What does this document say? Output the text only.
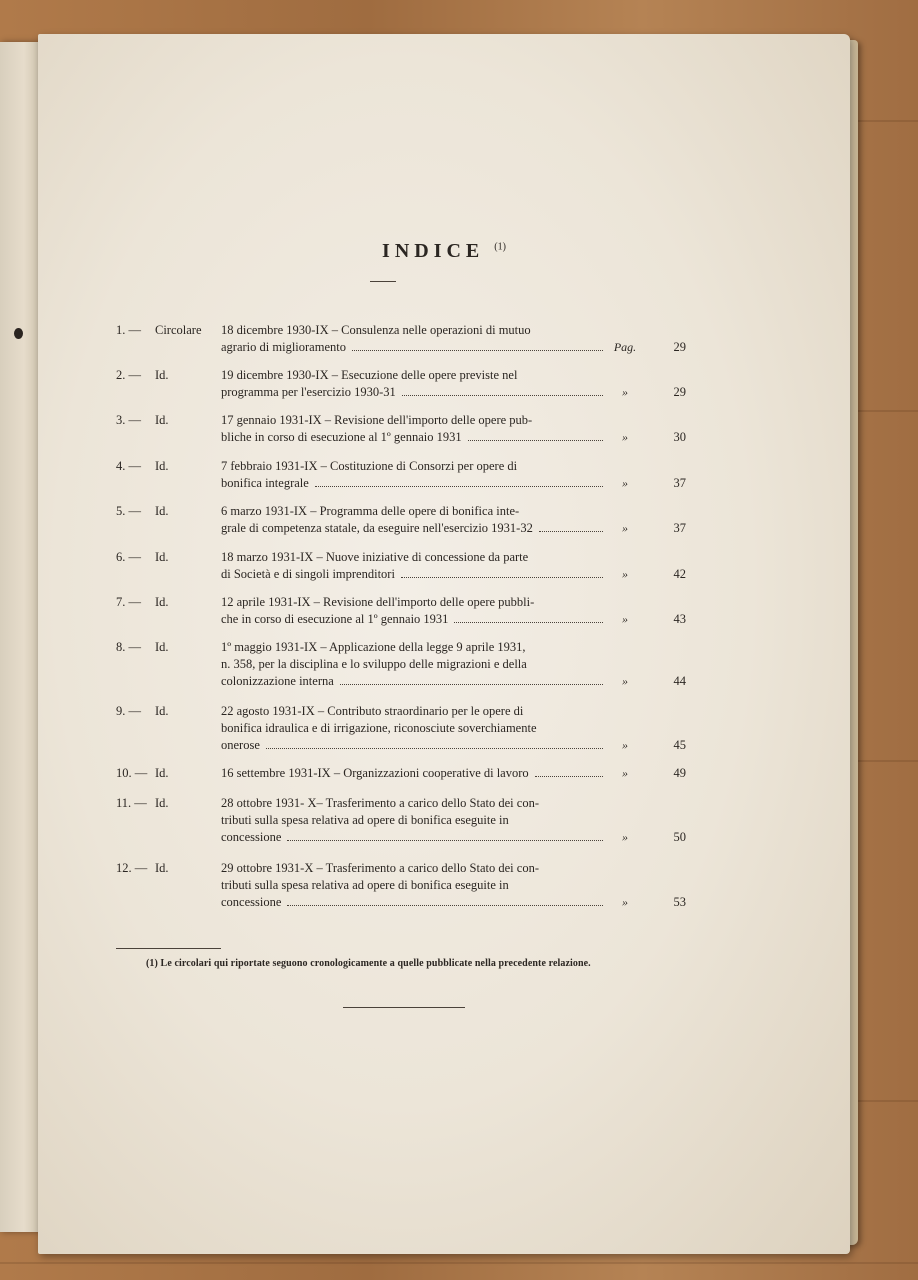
INDICE $^{(1)}$
1. —	Circolare	18 dicembre 1930-IX – Consulenza nelle operazioni di mutuo
agrario di miglioramento	Pag.	29
2. —	Id.	19 dicembre 1930-IX – Esecuzione delle opere previste nel
programma per l'esercizio 1930-31	»	29
3. —	Id.	17 gennaio 1931-IX – Revisione dell'importo delle opere pub-
bliche in corso di esecuzione al 1º gennaio 1931	»	30
4. —	Id.	7 febbraio 1931-IX – Costituzione di Consorzi per opere di
bonifica integrale	»	37
5. —	Id.	6 marzo 1931-IX – Programma delle opere di bonifica inte-
grale di competenza statale, da eseguire nell'esercizio 1931-32	»	37
6. —	Id.	18 marzo 1931-IX – Nuove iniziative di concessione da parte
di Società e di singoli imprenditori	»	42
7. —	Id.	12 aprile 1931-IX – Revisione dell'importo delle opere pubbli-
che in corso di esecuzione al 1º gennaio 1931	»	43
8. —	Id.	1º maggio 1931-IX – Applicazione della legge 9 aprile 1931,
n. 358, per la disciplina e lo sviluppo delle migrazioni e della
colonizzazione interna	»	44
9. —	Id.	22 agosto 1931-IX – Contributo straordinario per le opere di
bonifica idraulica e di irrigazione, riconosciute soverchiamente
onerose	»	45
10. — Id.	16 settembre 1931-IX – Organizzazioni cooperative di lavoro	»	49
11. — Id.	28 ottobre 1931- X– Trasferimento a carico dello Stato dei con-
tributi sulla spesa relativa ad opere di bonifica eseguite in
concessione	»	50
12. — Id.	29 ottobre 1931-X – Trasferimento a carico dello Stato dei con-
tributi sulla spesa relativa ad opere di bonifica eseguite in
concessione	»	53
(1) Le circolari qui riportate seguono cronologicamente a quelle pubblicate nella precedente relazione.
